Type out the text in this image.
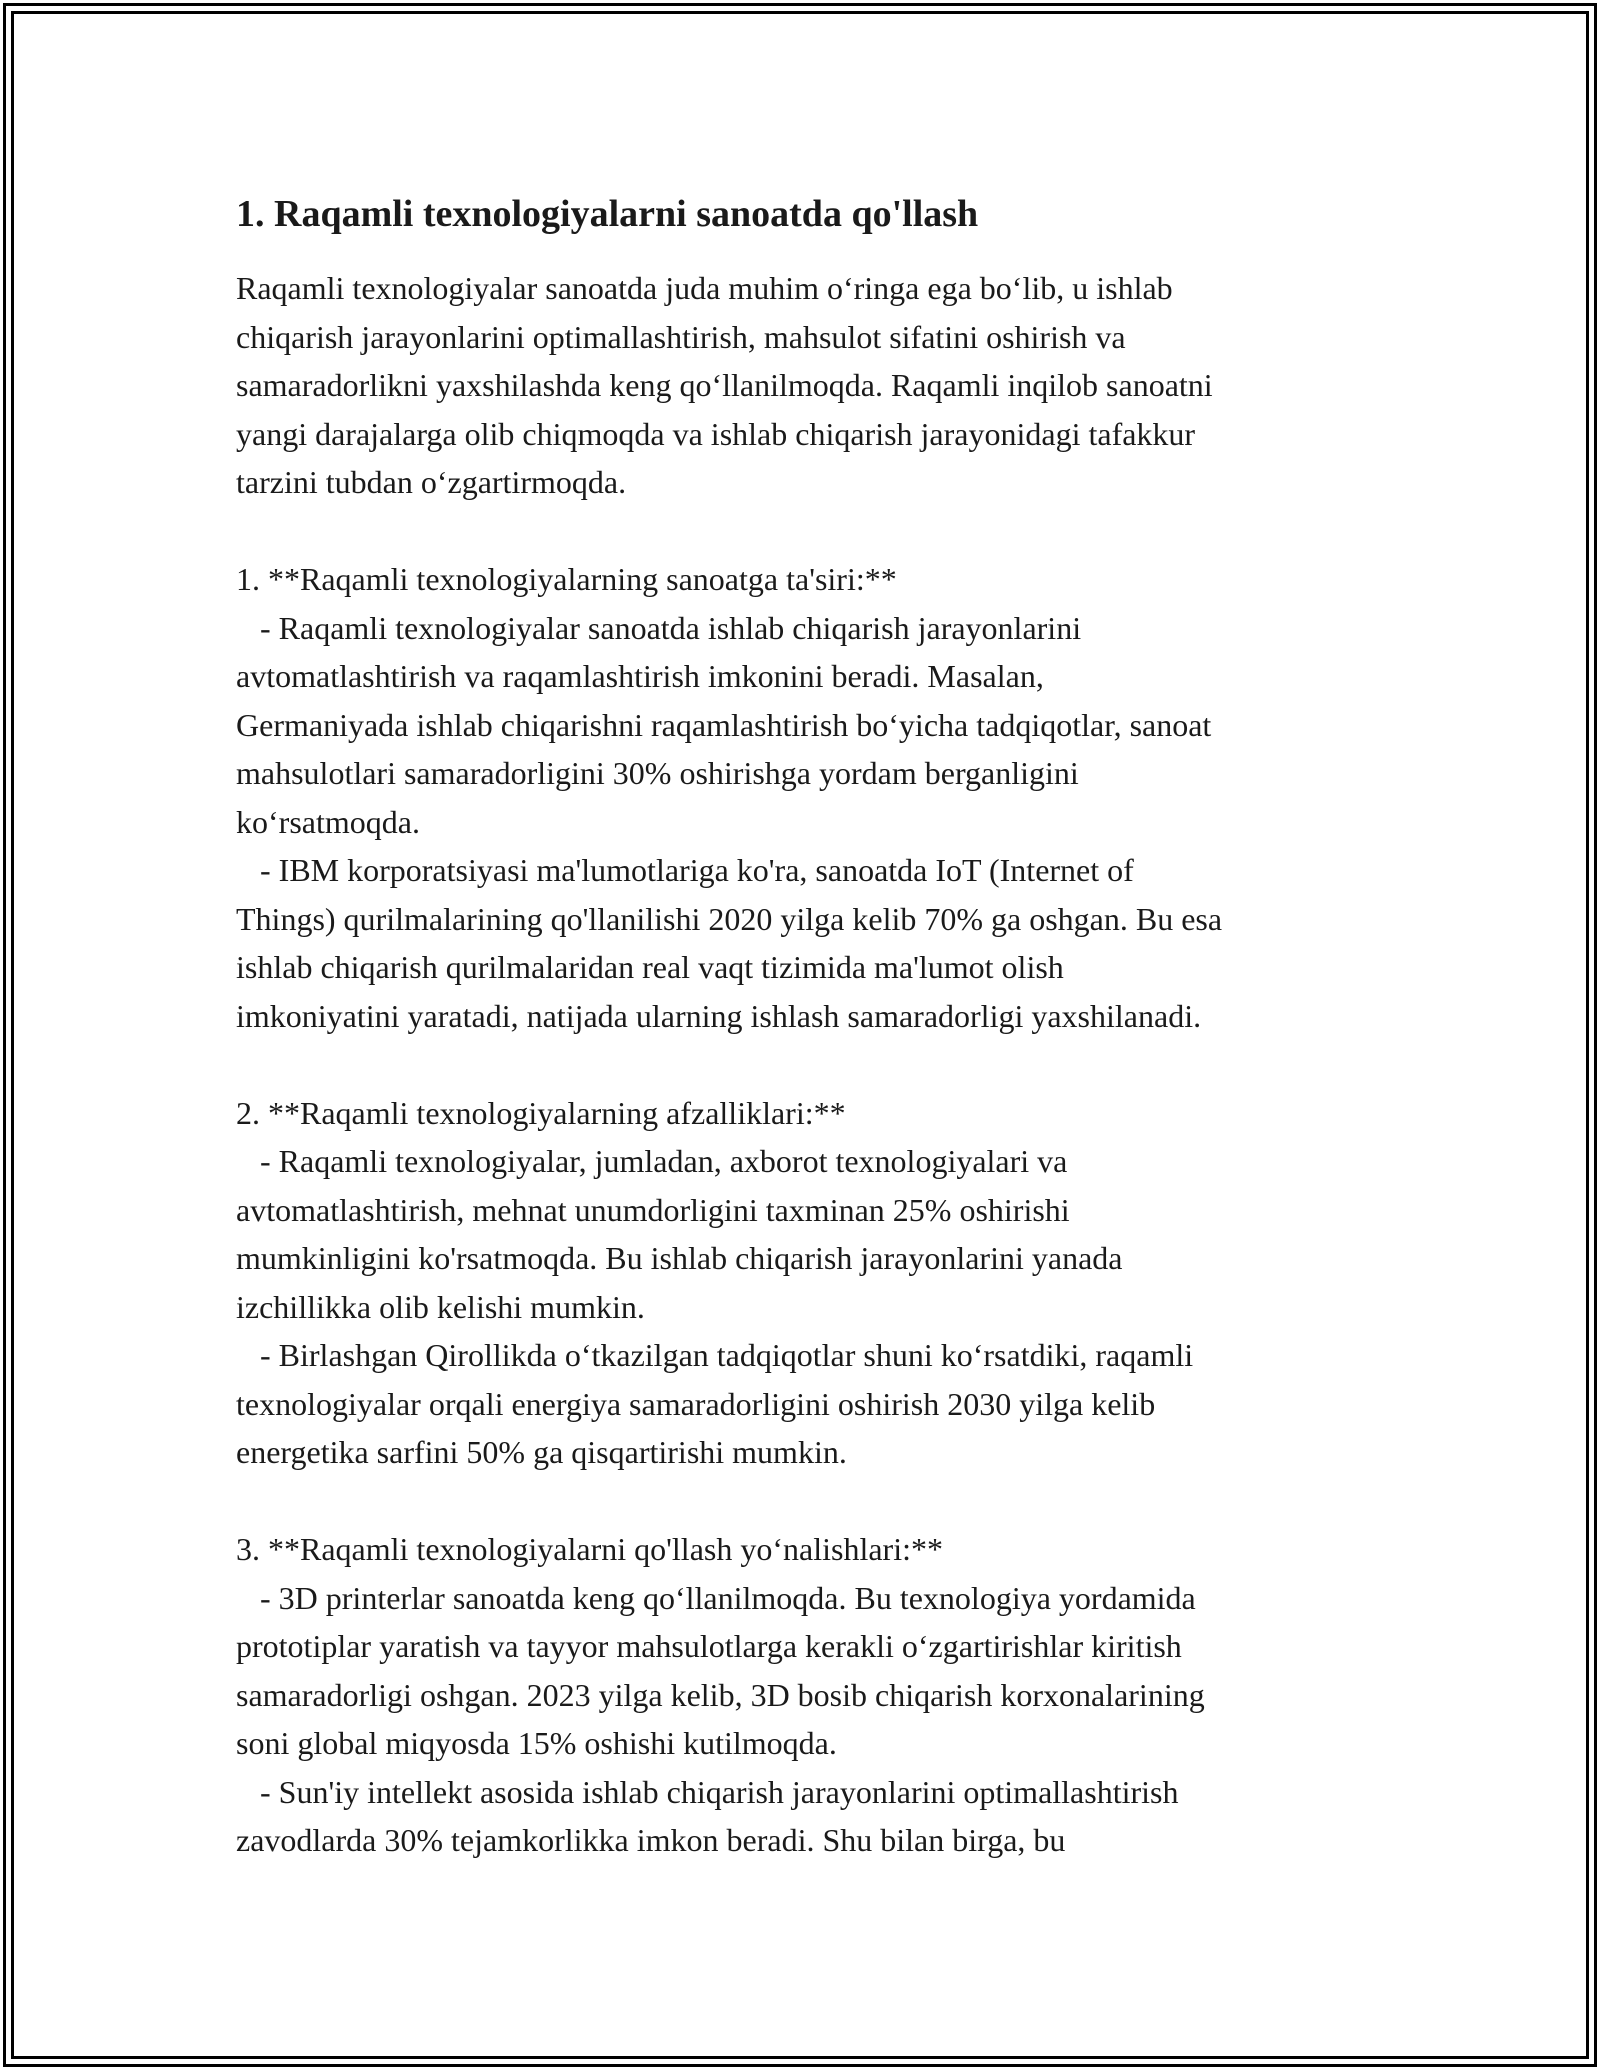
1. Raqamli texnologiyalarni sanoatda qo'llash
Raqamli texnologiyalar sanoatda juda muhim oʻringa ega boʻlib, u ishlab
chiqarish jarayonlarini optimallashtirish, mahsulot sifatini oshirish va
samaradorlikni yaxshilashda keng qoʻllanilmoqda. Raqamli inqilob sanoatni
yangi darajalarga olib chiqmoqda va ishlab chiqarish jarayonidagi tafakkur
tarzini tubdan oʻzgartirmoqda.
1. **Raqamli texnologiyalarning sanoatga ta'siri:**
- Raqamli texnologiyalar sanoatda ishlab chiqarish jarayonlarini
avtomatlashtirish va raqamlashtirish imkonini beradi. Masalan,
Germaniyada ishlab chiqarishni raqamlashtirish boʻyicha tadqiqotlar, sanoat
mahsulotlari samaradorligini 30% oshirishga yordam berganligini
koʻrsatmoqda.
- IBM korporatsiyasi ma'lumotlariga ko'ra, sanoatda IoT (Internet of
Things) qurilmalarining qo'llanilishi 2020 yilga kelib 70% ga oshgan. Bu esa
ishlab chiqarish qurilmalaridan real vaqt tizimida ma'lumot olish
imkoniyatini yaratadi, natijada ularning ishlash samaradorligi yaxshilanadi.
2. **Raqamli texnologiyalarning afzalliklari:**
- Raqamli texnologiyalar, jumladan, axborot texnologiyalari va
avtomatlashtirish, mehnat unumdorligini taxminan 25% oshirishi
mumkinligini ko'rsatmoqda. Bu ishlab chiqarish jarayonlarini yanada
izchillikka olib kelishi mumkin.
- Birlashgan Qirollikda oʻtkazilgan tadqiqotlar shuni koʻrsatdiki, raqamli
texnologiyalar orqali energiya samaradorligini oshirish 2030 yilga kelib
energetika sarfini 50% ga qisqartirishi mumkin.
3. **Raqamli texnologiyalarni qo'llash yoʻnalishlari:**
- 3D printerlar sanoatda keng qoʻllanilmoqda. Bu texnologiya yordamida
prototiplar yaratish va tayyor mahsulotlarga kerakli oʻzgartirishlar kiritish
samaradorligi oshgan. 2023 yilga kelib, 3D bosib chiqarish korxonalarining
soni global miqyosda 15% oshishi kutilmoqda.
- Sun'iy intellekt asosida ishlab chiqarish jarayonlarini optimallashtirish
zavodlarda 30% tejamkorlikka imkon beradi. Shu bilan birga, bu
